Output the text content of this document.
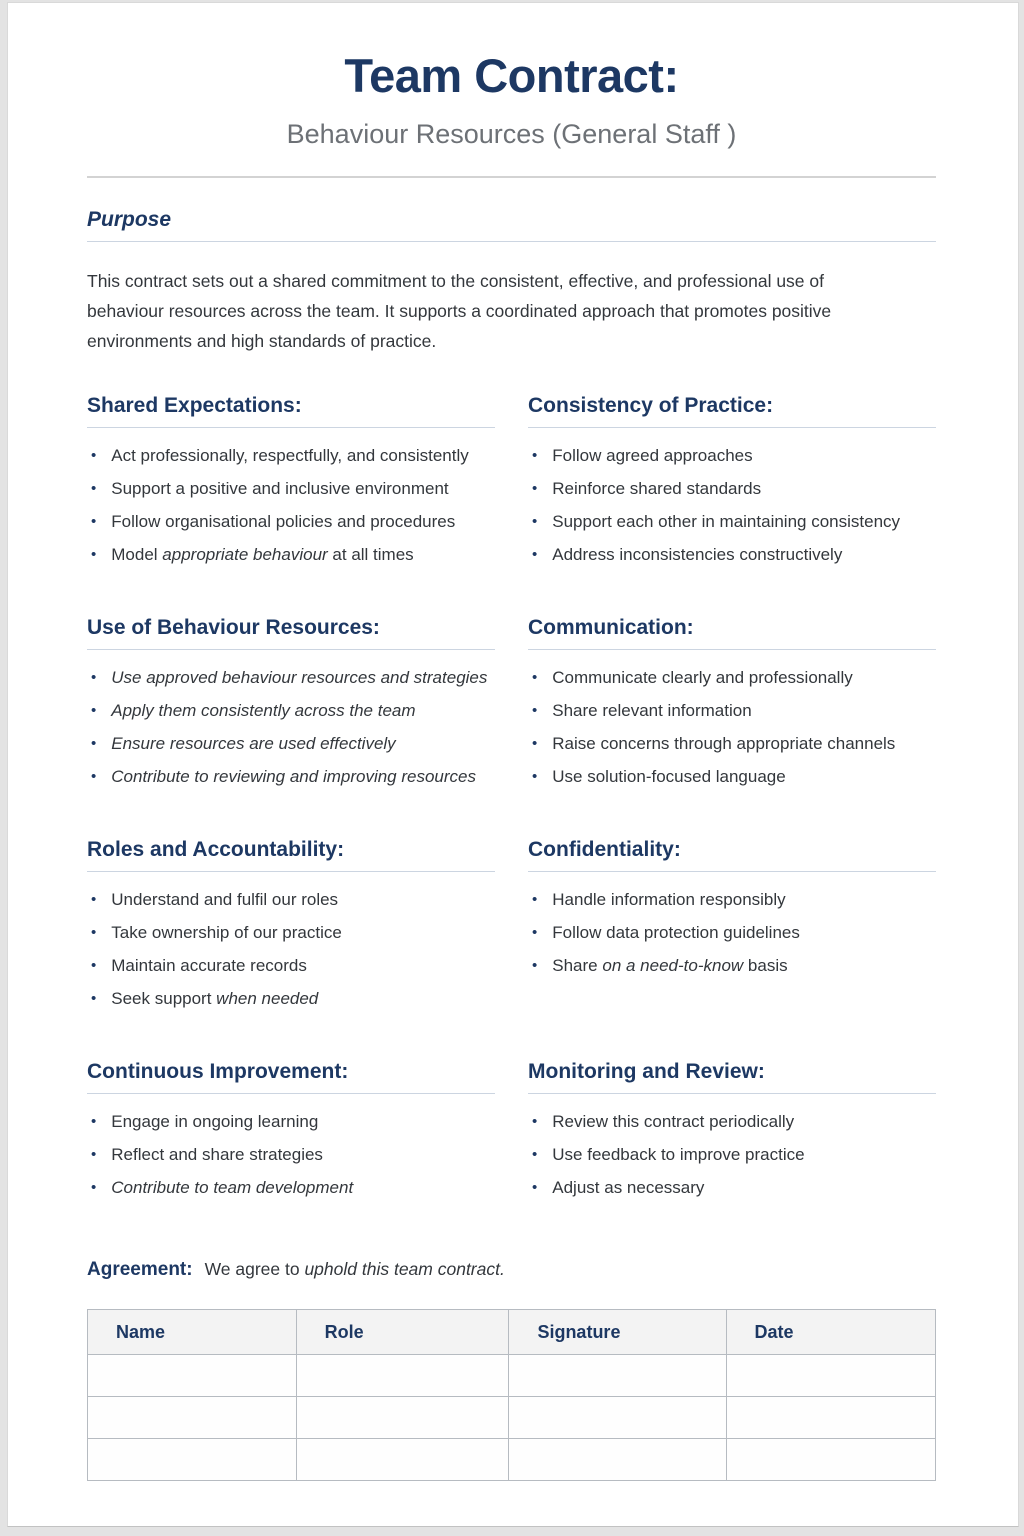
Team Contract:
Behaviour Resources (General Staff )
Purpose

This contract sets out a shared commitment to the consistent, effective, and professional use of behaviour resources across the team. It supports a coordinated approach that promotes positive environments and high standards of practice.

Shared Expectations:
• Act professionally, respectfully, and consistently
• Support a positive and inclusive environment
• Follow organisational policies and procedures
• Model appropriate behaviour at all times
Consistency of Practice:
• Follow agreed approaches
• Reinforce shared standards
• Support each other in maintaining consistency
• Address inconsistencies constructively
Use of Behaviour Resources:
• Use approved behaviour resources and strategies
• Apply them consistently across the team
• Ensure resources are used effectively
• Contribute to reviewing and improving resources
Communication:
• Communicate clearly and professionally
• Share relevant information
• Raise concerns through appropriate channels
• Use solution-focused language
Roles and Accountability:
• Understand and fulfil our roles
• Take ownership of our practice
• Maintain accurate records
• Seek support when needed
Confidentiality:
• Handle information responsibly
• Follow data protection guidelines
• Share on a need-to-know basis
Continuous Improvement:
• Engage in ongoing learning
• Reflect and share strategies
• Contribute to team development
Monitoring and Review:
• Review this contract periodically
• Use feedback to improve practice
• Adjust as necessary
Agreement: We agree to uphold this team contract.
Name	Role	Signature	Date
